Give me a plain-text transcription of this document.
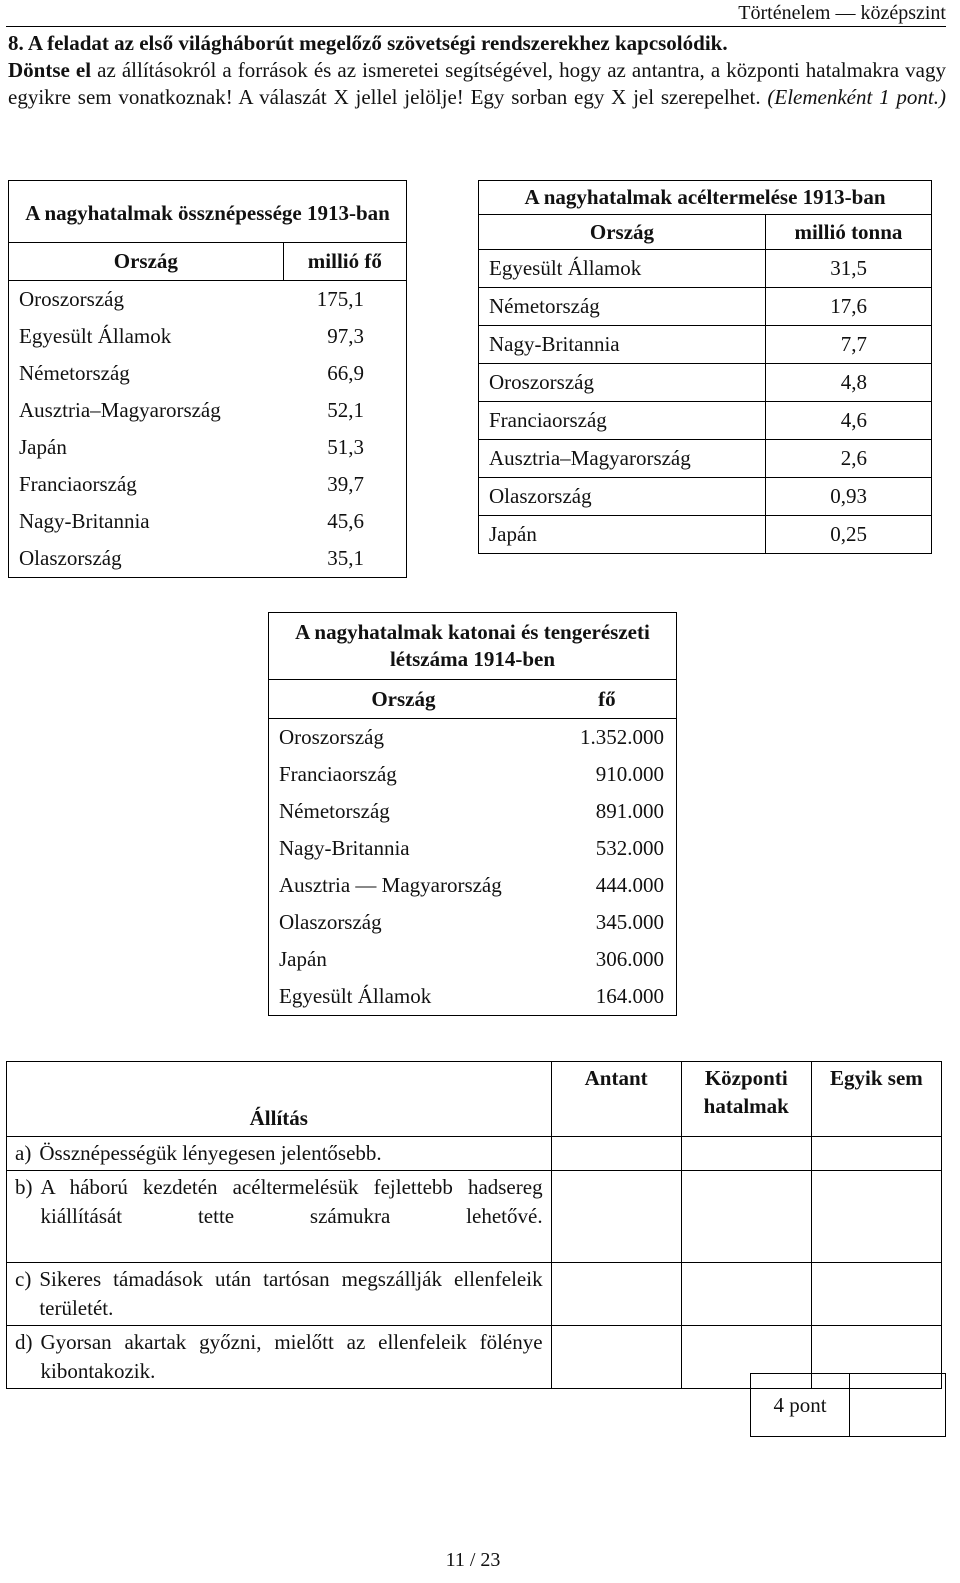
Történelem — középszint
8. A feladat az első világháborút megelőző szövetségi rendszerekhez kapcsolódik.
Döntse el az állításokról a források és az ismeretei segítségével, hogy az antantra, a központi hatalmakra vagy egyikre sem vonatkoznak! A válaszát X jellel jelölje! Egy sorban egy X jel szerepelhet. (Elemenként 1 pont.)
A nagyhatalmak össznépessége 1913-ban	
Ország	millió fő
Oroszország	175,1
Egyesült Államok	97,3
Németország	66,9
Ausztria–Magyarország	52,1
Japán	51,3
Franciaország	39,7
Nagy-Britannia	45,6
Olaszország	35,1
A nagyhatalmak acéltermelése 1913-ban	
Ország	millió tonna
Egyesült Államok	31,5
Németország	17,6
Nagy-Britannia	7,7
Oroszország	4,8
Franciaország	4,6
Ausztria–Magyarország	2,6
Olaszország	0,93
Japán	0,25
A nagyhatalmak katonai és tengerészeti létszáma 1914-ben	
Ország	fő
Oroszország	1.352.000
Franciaország	910.000
Németország	891.000
Nagy-Britannia	532.000
Ausztria — Magyarország	444.000
Olaszország	345.000
Japán	306.000
Egyesült Államok	164.000
Állítás	Antant	Központi hatalmak	Egyik sem

a) Össznépességük lényegesen jelentősebb.			

b) A háború kezdetén acéltermelésük fejlettebb hadsereg kiállítását tette számukra lehetővé.			

c) Sikeres támadások után tartósan megszállják ellenfeleik területét.			

d) Gyorsan akartak győzni, mielőtt az ellenfeleik fölénye kibontakozik.			

4 pont
11 / 23
